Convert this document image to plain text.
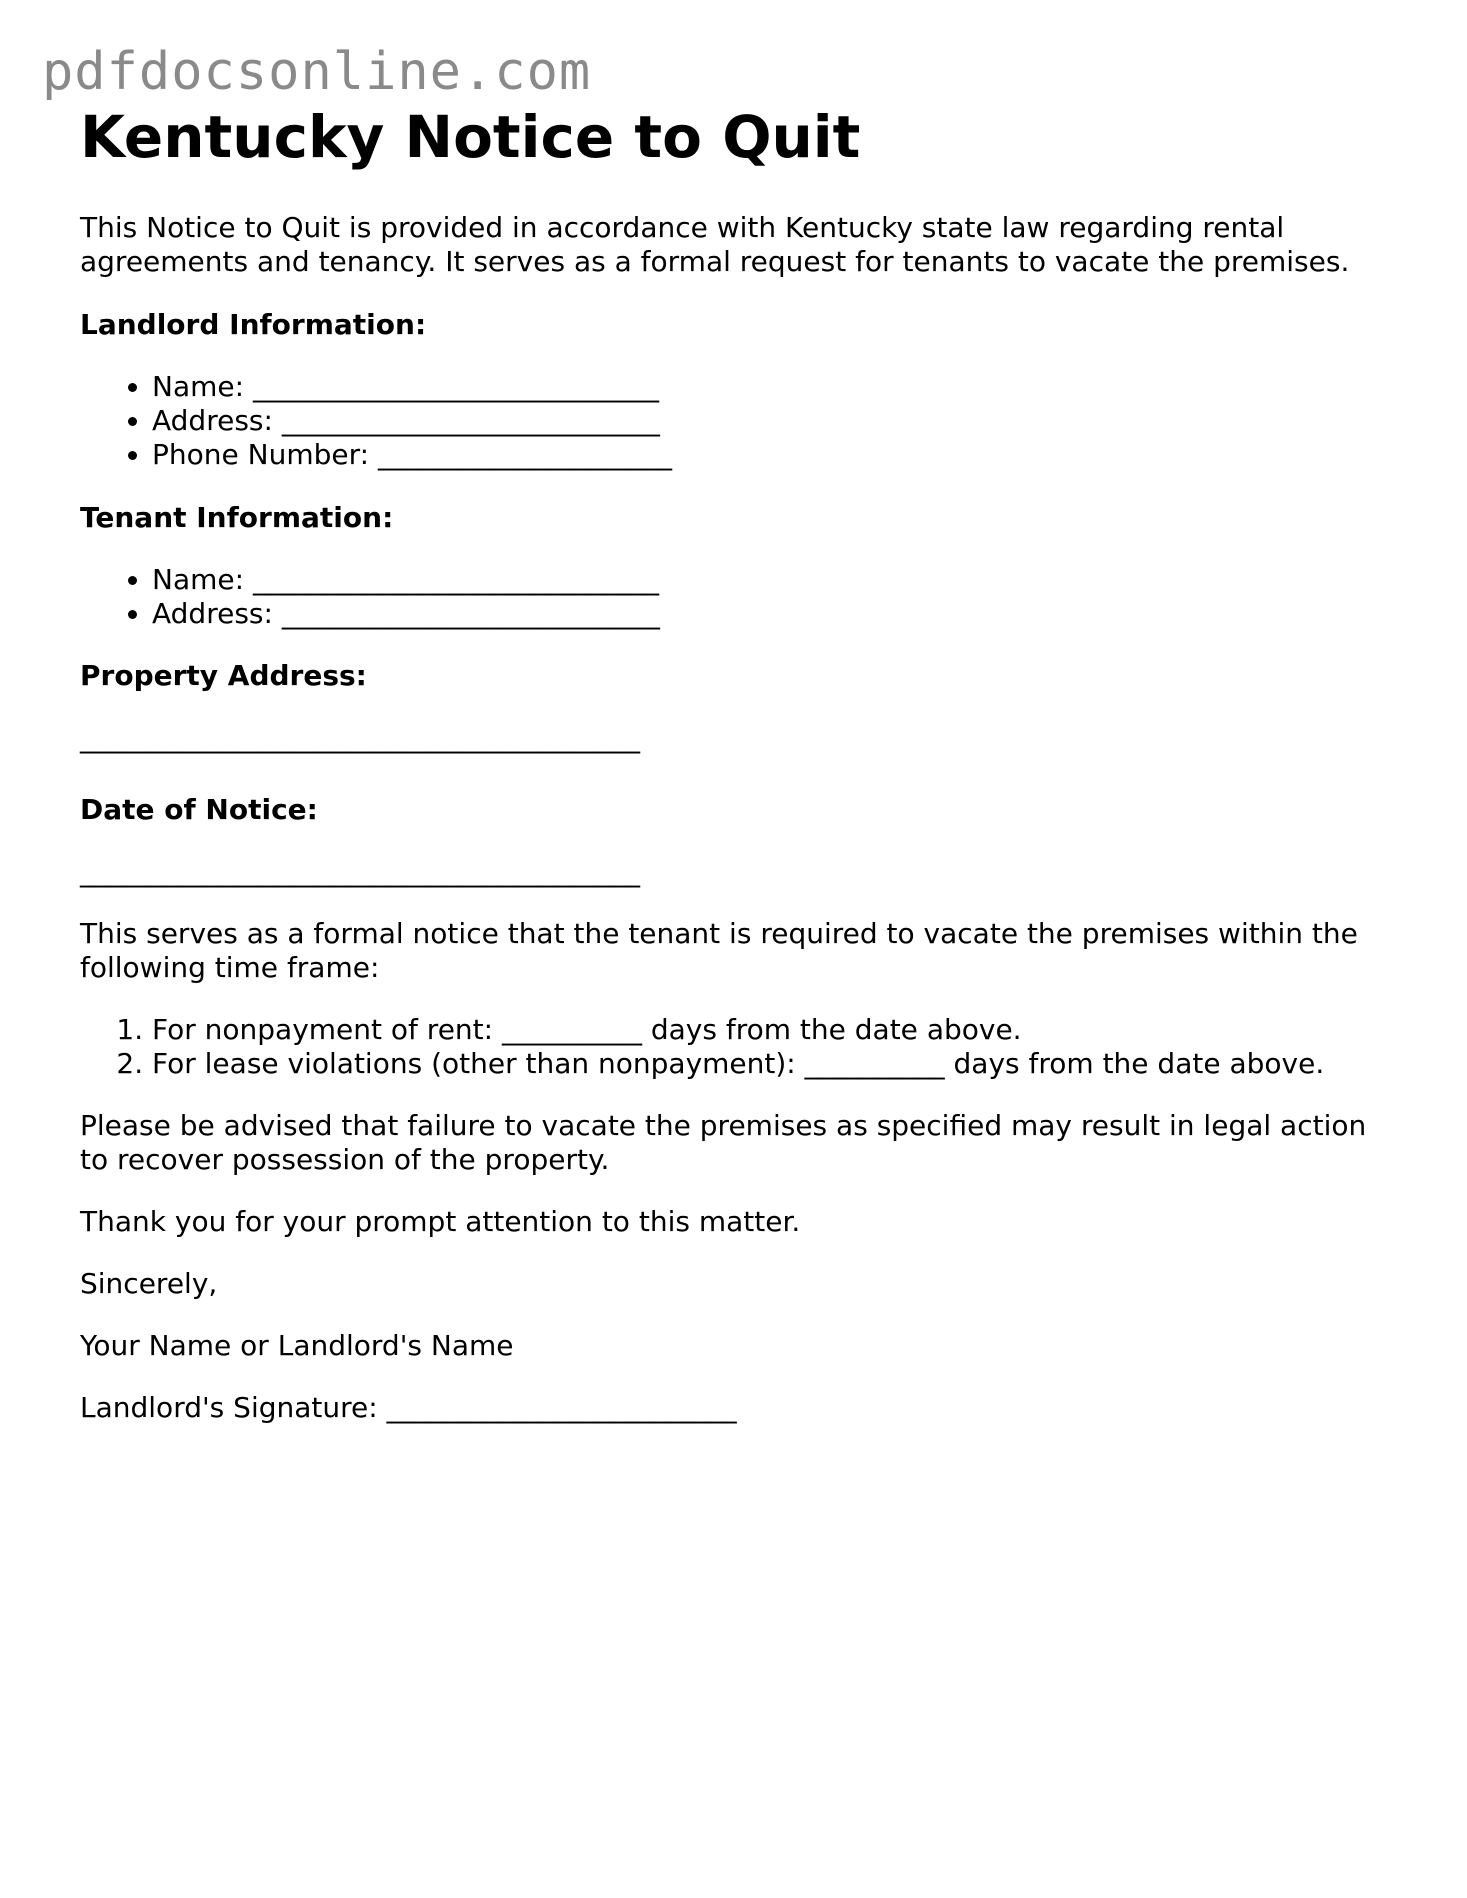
pdfdocsonline.com
Kentucky Notice to Quit

This Notice to Quit is provided in accordance with Kentucky state law regarding rental agreements and tenancy. It serves as a formal request for tenants to vacate the premises.

Landlord Information:
• Name: _____________________________
• Address: ___________________________
• Phone Number: _____________________
Tenant Information:
• Name: _____________________________
• Address: ___________________________
Property Address:
________________________________________
Date of Notice:
________________________________________

This serves as a formal notice that the tenant is required to vacate the premises within the following time frame:

1. For nonpayment of rent: __________ days from the date above.
2. For lease violations (other than nonpayment): __________ days from the date above.

Please be advised that failure to vacate the premises as specified may result in legal action to recover possession of the property.

Thank you for your prompt attention to this matter.

Sincerely,

Your Name or Landlord's Name

Landlord's Signature: _________________________
